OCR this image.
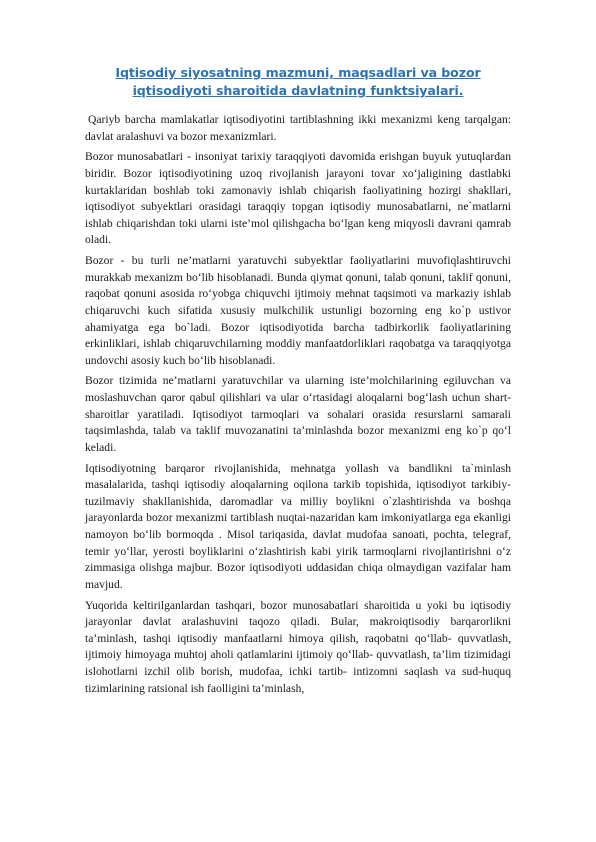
Iqtisodiy siyosatning mazmuni, maqsadlari va bozor iqtisodiyoti sharoitida davlatning funktsiyalari.

Qariyb barcha mamlakatlar iqtisodiyotini tartiblashning ikki mexanizmi keng tarqalgan: davlat aralashuvi va bozor mexanizmlari.

Bozor munosabatlari - insoniyat tarixiy taraqqiyoti davomida erishgan buyuk yutuqlardan biridir. Bozor iqtisodiyotining uzoq rivojlanish jarayoni tovar xo‘jaligining dastlabki kurtaklaridan boshlab toki zamonaviy ishlab chiqarish faoliyatining hozirgi shakllari, iqtisodiyot subyektlari orasidagi taraqqiy topgan iqtisodiy munosabatlarni, ne`matlarni ishlab chiqarishdan toki ularni iste’mol qilishgacha bo‘lgan keng miqyosli davrani qamrab oladi.

Bozor - bu turli ne’matlarni yaratuvchi subyektlar faoliyatlarini muvofiqlashtiruvchi murakkab mexanizm bo‘lib hisoblanadi. Bunda qiymat qonuni, talab qonuni, taklif qonuni, raqobat qonuni asosida ro‘yobga chiquvchi ijtimoiy mehnat taqsimoti va markaziy ishlab chiqaruvchi kuch sifatida xususiy mulkchilik ustunligi bozorning eng ko`p ustivor ahamiyatga ega bo`ladi. Bozor iqtisodiyotida barcha tadbirkorlik faoliyatlarining erkinliklari, ishlab chiqaruvchilarning moddiy manfaatdorliklari raqobatga va taraqqiyotga undovchi asosiy kuch bo‘lib hisoblanadi.

Bozor tizimida ne’matlarni yaratuvchilar va ularning iste’molchilarining egiluvchan va moslashuvchan qaror qabul qilishlari va ular o‘rtasidagi aloqalarni bog‘lash uchun shart-sharoitlar yaratiladi. Iqtisodiyot tarmoqlari va sohalari orasida resurslarni samarali taqsimlashda, talab va taklif muvozanatini ta’minlashda bozor mexanizmi eng ko`p qo‘l keladi.

Iqtisodiyotning barqaror rivojlanishida, mehnatga yollash va bandlikni ta`minlash masalalarida, tashqi iqtisodiy aloqalarning oqilona tarkib topishida, iqtisodiyot tarkibiy- tuzilmaviy shakllanishida, daromadlar va milliy boylikni o`zlashtirishda va boshqa jarayonlarda bozor mexanizmi tartiblash nuqtai-nazaridan kam imkoniyatlarga ega ekanligi namoyon bo‘lib bormoqda . Misol tariqasida, davlat mudofaa sanoati, pochta, telegraf, temir yo‘llar, yerosti boyliklarini o‘zlashtirish kabi yirik tarmoqlarni rivojlantirishni o‘z zimmasiga olishga majbur. Bozor iqtisodiyoti uddasidan chiqa olmaydigan vazifalar ham mavjud.

Yuqorida keltirilganlardan tashqari, bozor munosabatlari sharoitida u yoki bu iqtisodiy jarayonlar davlat aralashuvini taqozo qiladi. Bular, makroiqtisodiy barqarorlikni ta’minlash, tashqi iqtisodiy manfaatlarni himoya qilish, raqobatni qo‘llab- quvvatlash, ijtimoiy himoyaga muhtoj aholi qatlamlarini ijtimoiy qo‘llab- quvvatlash, ta’lim tizimidagi islohotlarni izchil olib borish, mudofaa, ichki tartib- intizomni saqlash va sud-huquq tizimlarining ratsional ish faolligini ta’minlash,
